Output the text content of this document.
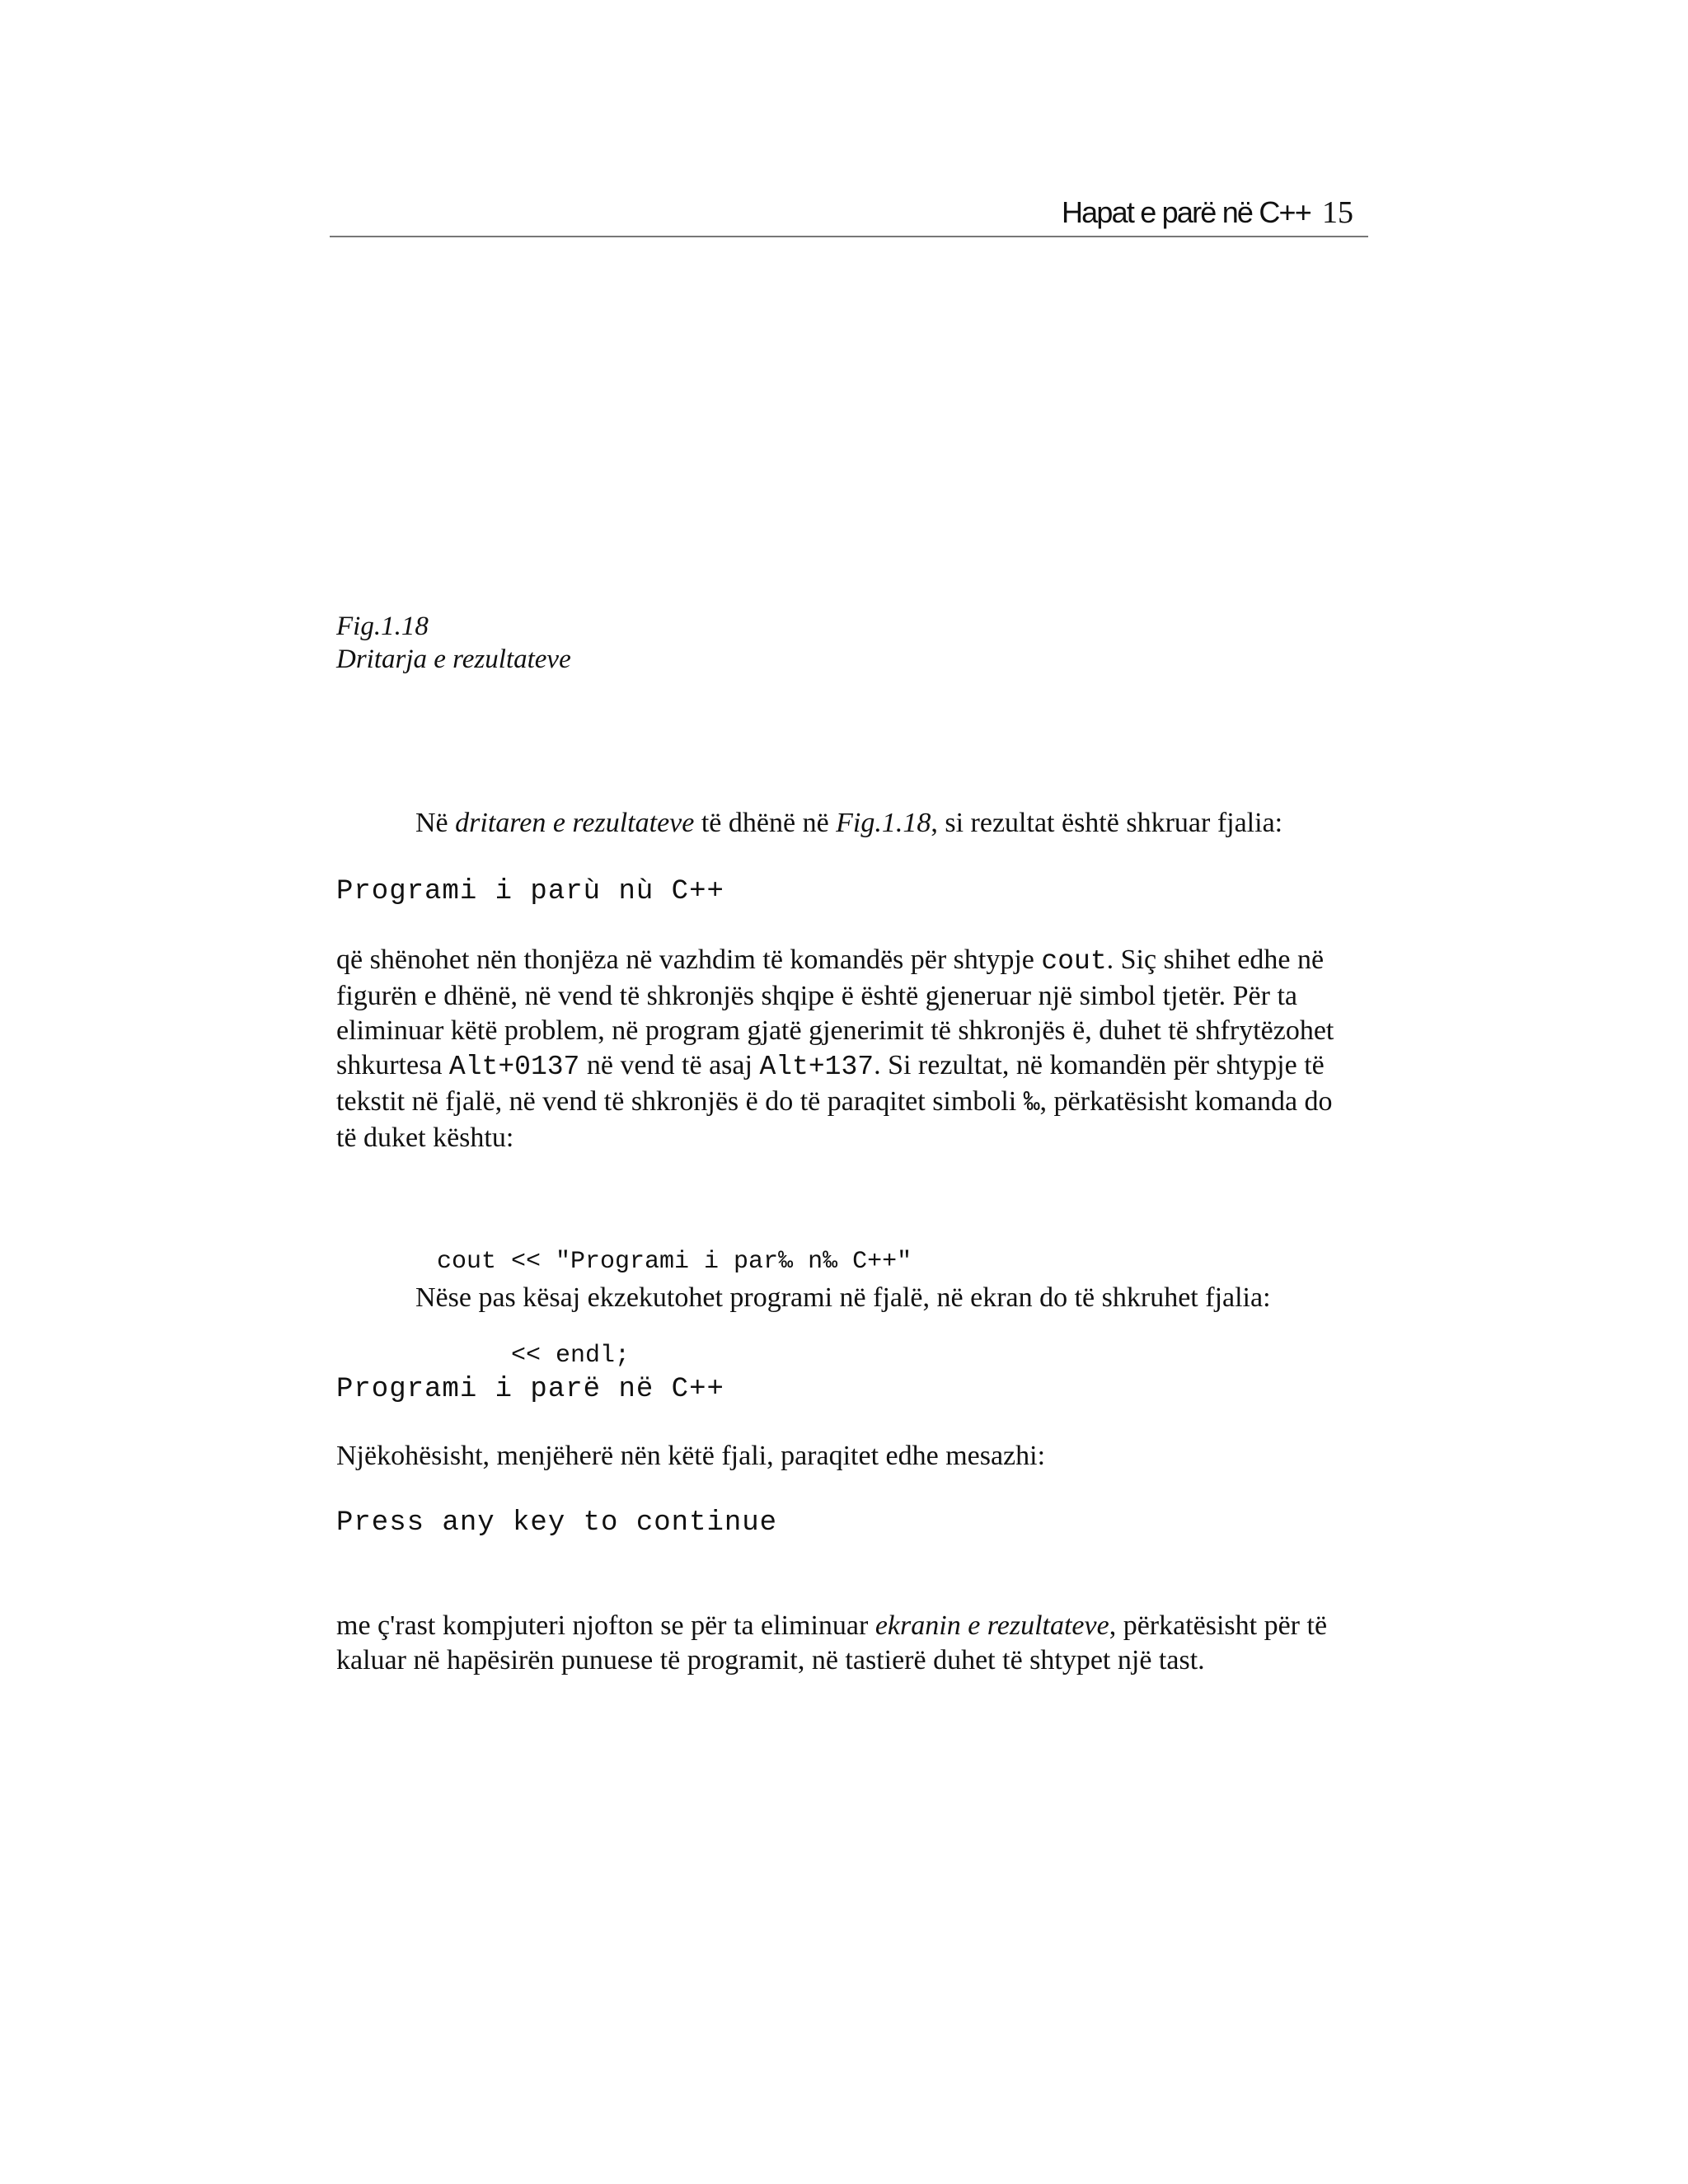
Hapat e parë në C++ 15
Fig.1.18
Dritarja e rezultateve
Në dritaren e rezultateve të dhënë në Fig.1.18, si rezultat është shkruar fjalia:
Programi i parù nù C++
që shënohet nën thonjëza në vazhdim të komandës për shtypje cout. Siç shihet edhe në figurën e dhënë, në vend të shkronjës shqipe ë është gjeneruar një simbol tjetër. Për ta eliminuar këtë problem, në program gjatë gjenerimit të shkronjës ë, duhet të shfrytëzohet shkurtesa Alt+0137 në vend të asaj Alt+137. Si rezultat, në komandën për shtypje të tekstit në fjalë, në vend të shkronjës ë do të paraqitet simboli ‰, përkatësisht komanda do të duket kështu:

cout << "Programi i par‰ n‰ C++"

<< endl;

Nëse pas kësaj ekzekutohet programi në fjalë, në ekran do të shkruhet fjalia:
Programi i parë në C++
Njëkohësisht, menjëherë nën këtë fjali, paraqitet edhe mesazhi:
Press any key to continue
me ç'rast kompjuteri njofton se për ta eliminuar ekranin e rezultateve, përkatësisht për të kaluar në hapësirën punuese të programit, në tastierë duhet të shtypet një tast.
